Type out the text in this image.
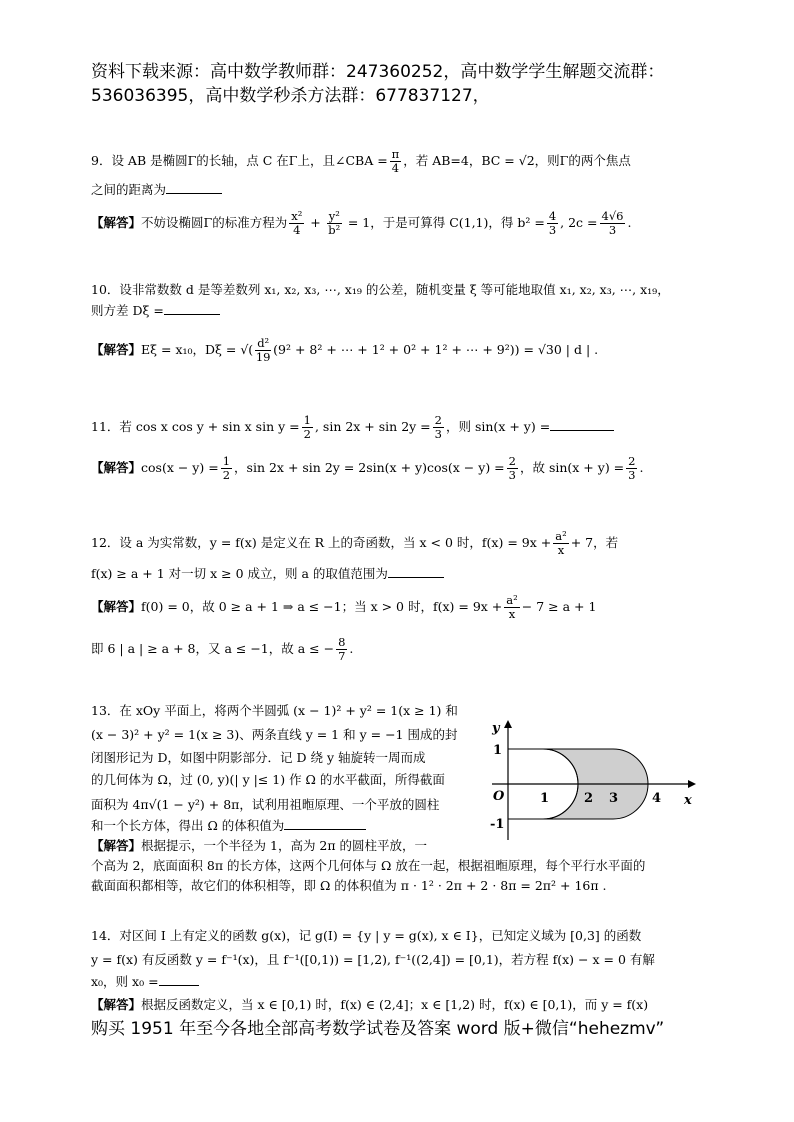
资料下载来源：高中数学教师群：247360252，高中数学学生解题交流群：
536036395，高中数学秒杀方法群：677837127，
9．设 AB 是椭圆Γ的长轴，点 C 在Γ上，且∠CBA = $\frac{\pi}{4}$ ，若 AB=4，BC = √2，则Γ的两个焦点
之间的距离为
【解答】不妨设椭圆Γ的标准方程为 $\frac{\text{x²}}{4} + \frac{\text{y²}}{\text{b²}} = 1$，于是可算得 C(1,1)，得 $b^2 = \frac{4}{3}$ , $2c = \frac{4√6}{3}$ .
10．设非常数数 d 是等差数列 x₁, x₂, x₃, ⋯, x₁₉ 的公差，随机变量 ξ 等可能地取值 x₁, x₂, x₃, ⋯, x₁₉，
则方差 Dξ =
【解答】Eξ = x₁₀，Dξ = √( $\frac{\text{d²}}{19} (9^2 + 8^2$ + ⋯ + 1² + 0² + 1² + ⋯ + 9²)) = √30 | d | .
11．若 cos x cos y + sin x $\sin y = \frac{1}{2}$ , $\sin 2x + \sin 2y = \frac{2}{3}$ ，则 sin(x + y) =
【解答】$\cos(x - y) = \frac{1}{2}$ ，$\sin 2x + \sin 2y = 2\sin(x + y)\cos(x - y) = \frac{2}{3}$ ，故 $\sin(x + y) = \frac{2}{3}$ .
12．设 a 为实常数，y = f(x) 是定义在 R 上的奇函数，当 x < 0 时，$f(x) = 9x + \frac{\text{a²}}{x} + 7$，若
f(x) ≥ a + 1 对一切 x ≥ 0 成立，则 a 的取值范围为
【解答】f(0) = 0，故 0 ≥ a + 1 ⇒ a ≤ −1；当 x > 0 时，$f(x) = 9x + \frac{\text{a²}}{x} - 7 \ge a + 1$
即 6 | a | ≥ a + 8，又 a ≤ −1，故 a ≤ − $\frac{8}{7}$ .
13．在 xOy 平面上，将两个半圆弧 (x − 1)² + y² = 1(x ≥ 1) 和
(x − 3)² + y² = 1(x ≥ 3)、两条直线 y = 1 和 y = −1 围成的封
闭图形记为 D，如图中阴影部分．记 D 绕 y 轴旋转一周而成
的几何体为 Ω，过 (0, y)(| y |≤ 1) 作 Ω 的水平截面，所得截面
面积为 4π√(1 − y²) + 8π，试利用祖暅原理、一个平放的圆柱
和一个长方体，得出 Ω 的体积值为
【解答】根据提示，一个半径为 1，高为 2π 的圆柱平放，一
个高为 2，底面面积 8π 的长方体，这两个几何体与 Ω 放在一起，根据祖暅原理，每个平行水平面的
截面面积都相等，故它们的体积相等，即 Ω 的体积值为 π · 1² · 2π + 2 · 8π = 2π² + 16π .
y
x
O
1
-1
1	2 3	4
14．对区间 I 上有定义的函数 g(x)，记 g(I) = {y | y = g(x), x ∈ I}，已知定义域为 [0,3] 的函数
y = f(x) 有反函数 y = f⁻¹(x)，且 f⁻¹([0,1)) = [1,2), f⁻¹((2,4]) = [0,1)，若方程 f(x) − x = 0 有解
x₀，则 x₀ =
【解答】根据反函数定义，当 x ∈ [0,1) 时，f(x) ∈ (2,4]；x ∈ [1,2) 时，f(x) ∈ [0,1)，而 y = f(x)
购买 1951 年至今各地全部高考数学试卷及答案 word 版+微信“hehezmv”
